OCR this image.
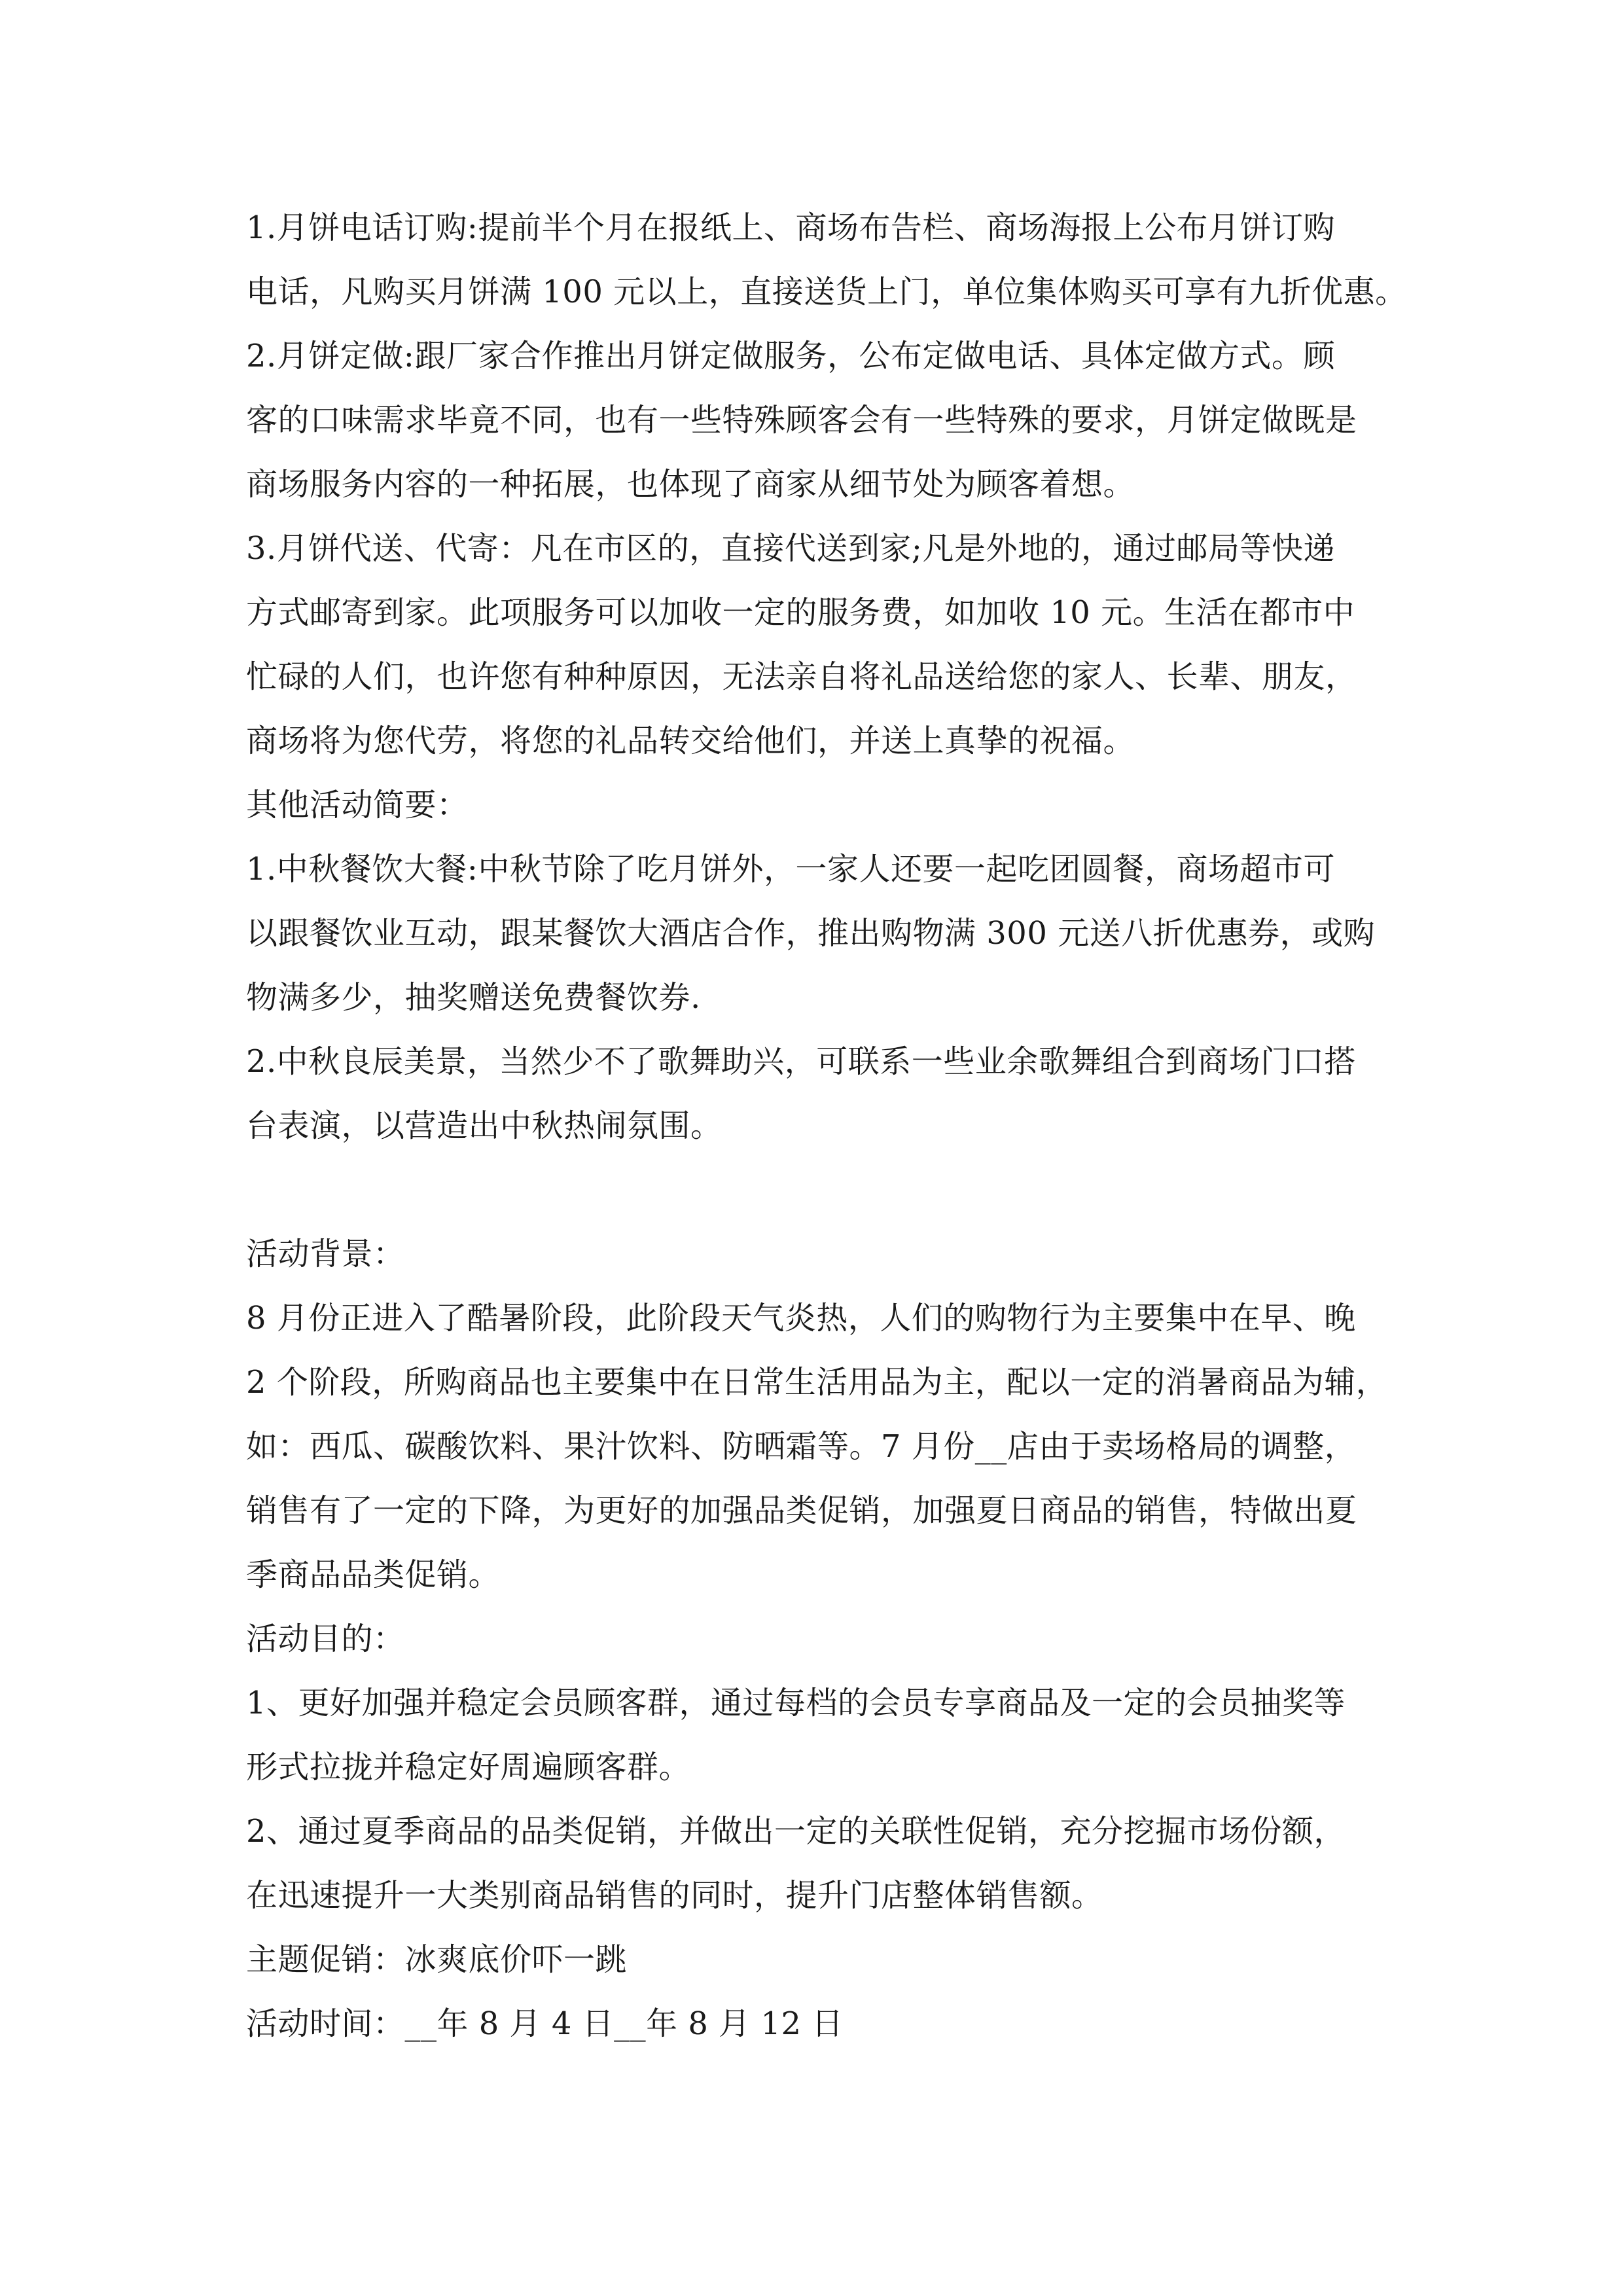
1.月饼电话订购:提前半个月在报纸上、商场布告栏、商场海报上公布月饼订购
电话，凡购买月饼满 100 元以上，直接送货上门，单位集体购买可享有九折优惠。
2.月饼定做:跟厂家合作推出月饼定做服务，公布定做电话、具体定做方式。顾
客的口味需求毕竟不同，也有一些特殊顾客会有一些特殊的要求，月饼定做既是
商场服务内容的一种拓展，也体现了商家从细节处为顾客着想。
3.月饼代送、代寄：凡在市区的，直接代送到家;凡是外地的，通过邮局等快递
方式邮寄到家。此项服务可以加收一定的服务费，如加收 10 元。生活在都市中
忙碌的人们，也许您有种种原因，无法亲自将礼品送给您的家人、长辈、朋友，
商场将为您代劳，将您的礼品转交给他们，并送上真挚的祝福。
其他活动简要：
1.中秋餐饮大餐:中秋节除了吃月饼外，一家人还要一起吃团圆餐，商场超市可
以跟餐饮业互动，跟某餐饮大酒店合作，推出购物满 300 元送八折优惠券，或购
物满多少，抽奖赠送免费餐饮券.
2.中秋良辰美景，当然少不了歌舞助兴，可联系一些业余歌舞组合到商场门口搭
台表演，以营造出中秋热闹氛围。
活动背景：
8 月份正进入了酷暑阶段，此阶段天气炎热，人们的购物行为主要集中在早、晚
2 个阶段，所购商品也主要集中在日常生活用品为主，配以一定的消暑商品为辅，
如：西瓜、碳酸饮料、果汁饮料、防晒霜等。7 月份__店由于卖场格局的调整，
销售有了一定的下降，为更好的加强品类促销，加强夏日商品的销售，特做出夏
季商品品类促销。
活动目的：
1、更好加强并稳定会员顾客群，通过每档的会员专享商品及一定的会员抽奖等
形式拉拢并稳定好周遍顾客群。
2、通过夏季商品的品类促销，并做出一定的关联性促销，充分挖掘市场份额，
在迅速提升一大类别商品销售的同时，提升门店整体销售额。
主题促销：冰爽底价吓一跳
活动时间：__年 8 月 4 日__年 8 月 12 日
